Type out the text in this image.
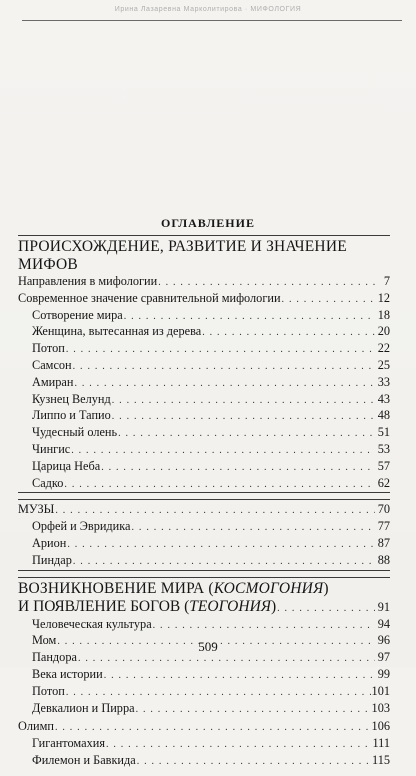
Ирина Лазаревна Марколитирова · МИФОЛОГИЯ
ОГЛАВЛЕНИЕ
ПРОИСХОЖДЕНИЕ, РАЗВИТИЕ И ЗНАЧЕНИЕ МИФОВ
Направления в мифологии . . .	7
Современное значение сравнительной мифологии . . .	12
Сотворение мира . . .	18
Женщина, вытесанная из дерева . . .	20
Потоп . . .	22
Самсон . . .	25
Амиран . . .	33
Кузнец Велунд . . .	43
Липпо и Тапио . . .	48
Чудесный олень . . .	51
Чингис . . .	53
Царица Неба . . .	57
Садко . . .	62
МУЗЫ . . .	70
Орфей и Эвридика . . .	77
Арион . . .	87
Пиндар . . .	88
ВОЗНИКНОВЕНИЕ МИРА (КОСМОГОНИЯ)
И ПОЯВЛЕНИЕ БОГОВ (ТЕОГОНИЯ) . . .	91
Человеческая культура . . .	94
Мом . . .	96
Пандора . . .	97
Века истории . . .	99
Потоп . . .	101
Девкалион и Пирра . . .	103
Олимп . . .	106
Гигантомахия . . .	111
Филемон и Бавкида . . .	115
509
